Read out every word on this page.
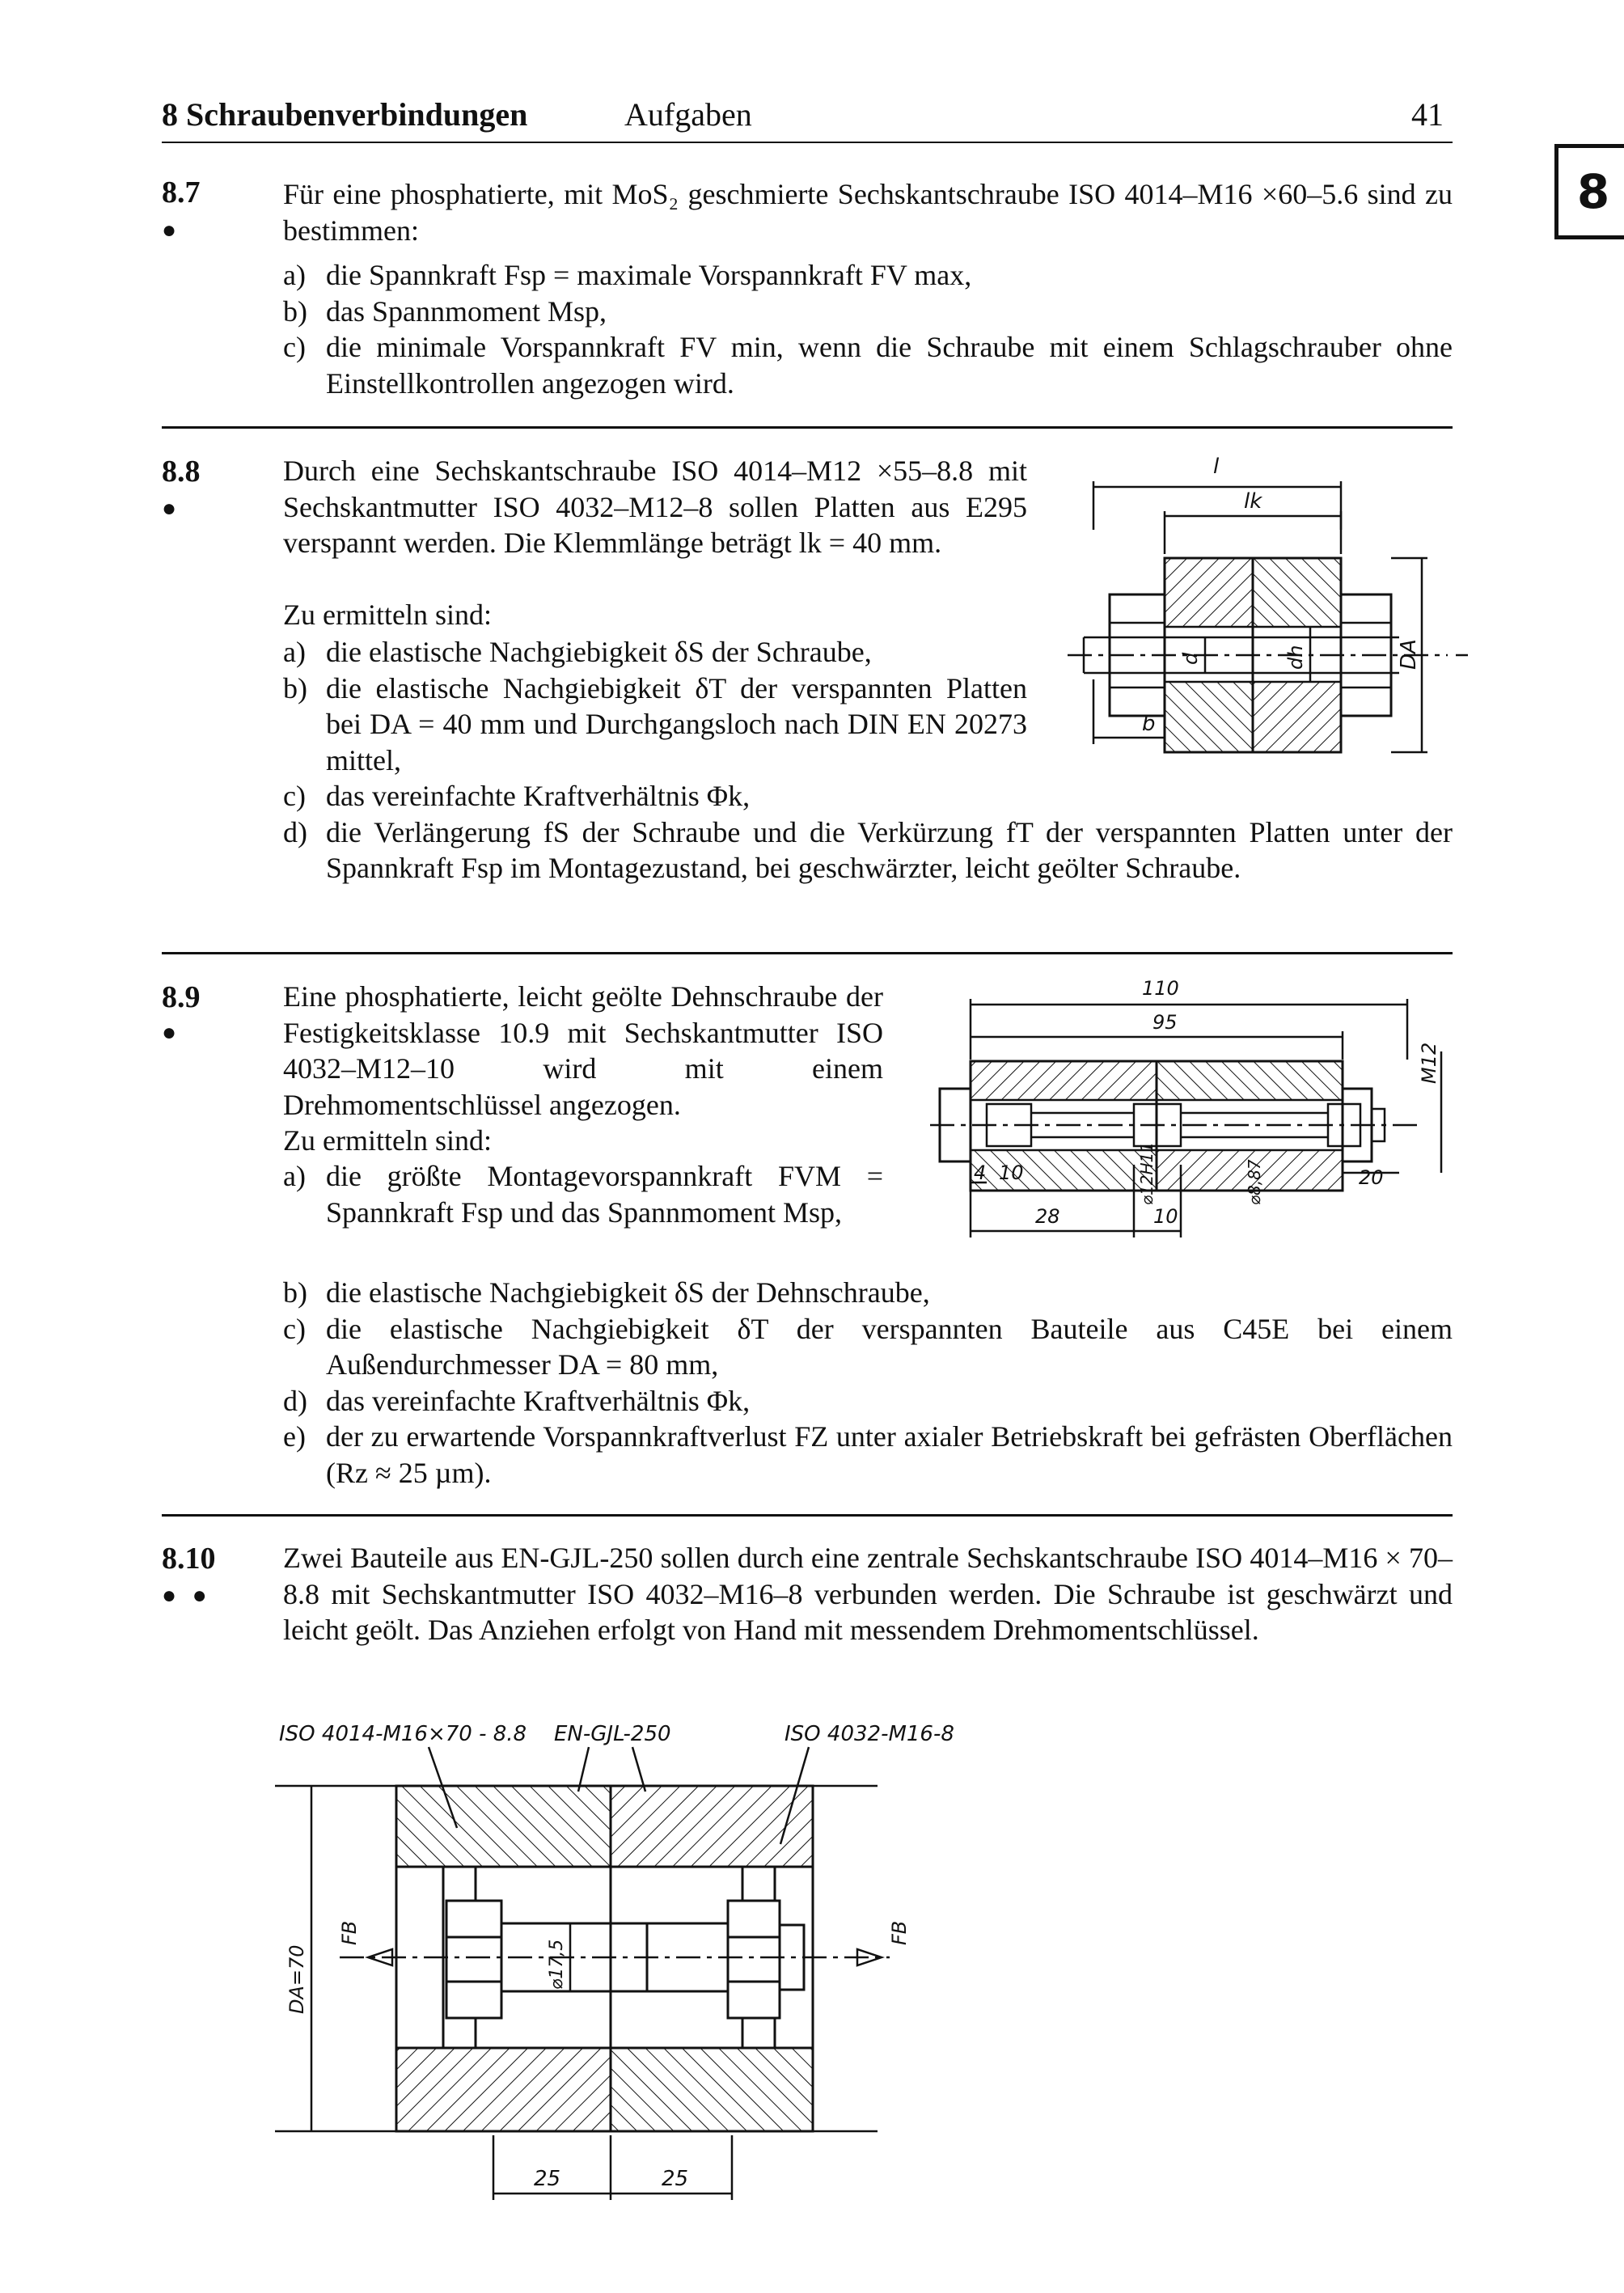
8 Schraubenverbindungen	Aufgaben	41
8
8.7
●
Für eine phosphatierte, mit MoS₂ geschmierte Sechskantschraube ISO 4014–M16 ×60–5.6 sind zu bestimmen:
a) die Spannkraft Fsp = maximale Vorspannkraft FV max,
b) das Spannmoment Msp,
c) die minimale Vorspannkraft FV min, wenn die Schraube mit einem Schlagschrauber ohne Einstellkontrollen angezogen wird.
8.8
●
Durch eine Sechskantschraube ISO 4014–M12 ×55–8.8 mit Sechskantmutter ISO 4032–M12–8 sollen Platten aus E295 verspannt werden. Die Klemmlänge beträgt lk = 40 mm.
Zu ermitteln sind:
a) die elastische Nachgiebigkeit δS der Schraube,
b) die elastische Nachgiebigkeit δT der verspannten Platten bei DA = 40 mm und Durchgangsloch nach DIN EN 20273 mittel,
c) das vereinfachte Kraftverhältnis Φk,
d) die Verlängerung fS der Schraube und die Verkürzung fT der verspannten Platten unter der Spannkraft Fsp im Montagezustand, bei geschwärzter, leicht geölter Schraube.
l
lk
d	dh	DA
b
8.9
●
Eine phosphatierte, leicht geölte Dehnschraube der Festigkeitsklasse 10.9 mit Sechskantmutter ISO 4032–M12–10 wird mit einem Drehmomentschlüssel angezogen.
Zu ermitteln sind:
a) die größte Montagevorspannkraft FVM = Spannkraft Fsp und das Spannmoment Msp,
b) die elastische Nachgiebigkeit δS der Dehnschraube,
c) die elastische Nachgiebigkeit δT der verspannten Bauteile aus C45E bei einem Außendurchmesser DA = 80 mm,
d) das vereinfachte Kraftverhältnis Φk,
e) der zu erwartende Vorspannkraftverlust FZ unter axialer Betriebskraft bei gefrästen Oberflächen (Rz ≈ 25 µm).
110
95
M12
10
4	⌀12H11	⌀8,87	20
28	10
8.10
● ●
Zwei Bauteile aus EN-GJL-250 sollen durch eine zentrale Sechskantschraube ISO 4014–M16 × 70–8.8 mit Sechskantmutter ISO 4032–M16–8 verbunden werden. Die Schraube ist geschwärzt und leicht geölt. Das Anziehen erfolgt von Hand mit messendem Drehmomentschlüssel.
ISO 4014-M16×70 - 8.8 EN-GJL-250	ISO 4032-M16-8
FB	FB
⌀17,5
DA=70
25	25
